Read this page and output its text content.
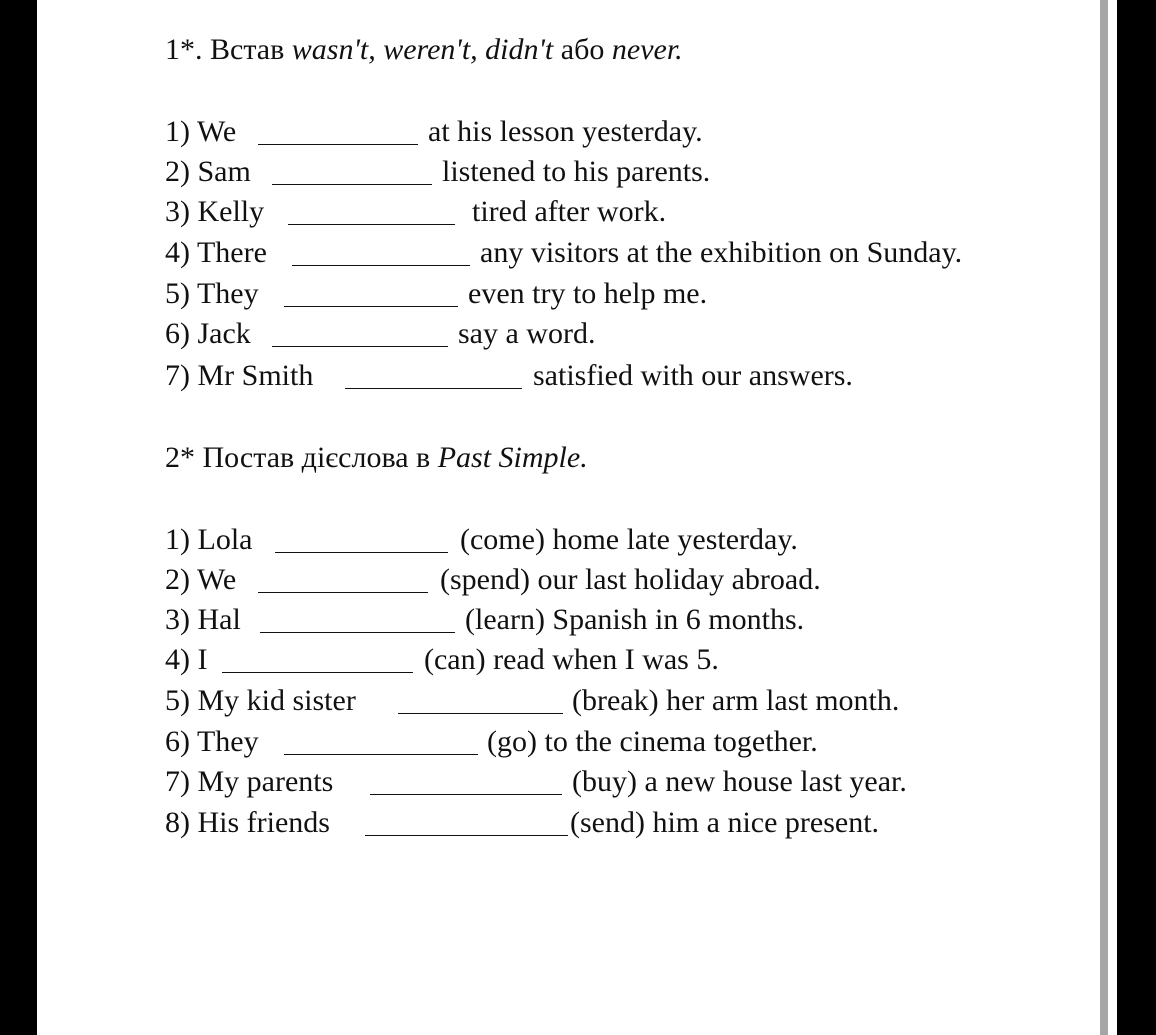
1*. Встав wasn't, weren't, didn't або never.
1) We	at his lesson yesterday.
2) Sam	listened to his parents.
3) Kelly	tired after work.
4) There	any visitors at the exhibition on Sunday.
5) They	even try to help me.
6) Jack	say a word.
7) Mr Smith	satisfied with our answers.
2* Постав дієслова в Past Simple.
1) Lola	(come) home late yesterday.
2) We	(spend) our last holiday abroad.
3) Hal	(learn) Spanish in 6 months.
4) I	(can) read when I was 5.
5) My kid sister	(break) her arm last month.
6) They	(go) to the cinema together.
7) My parents	(buy) a new house last year.
8) His friends	(send) him a nice present.
